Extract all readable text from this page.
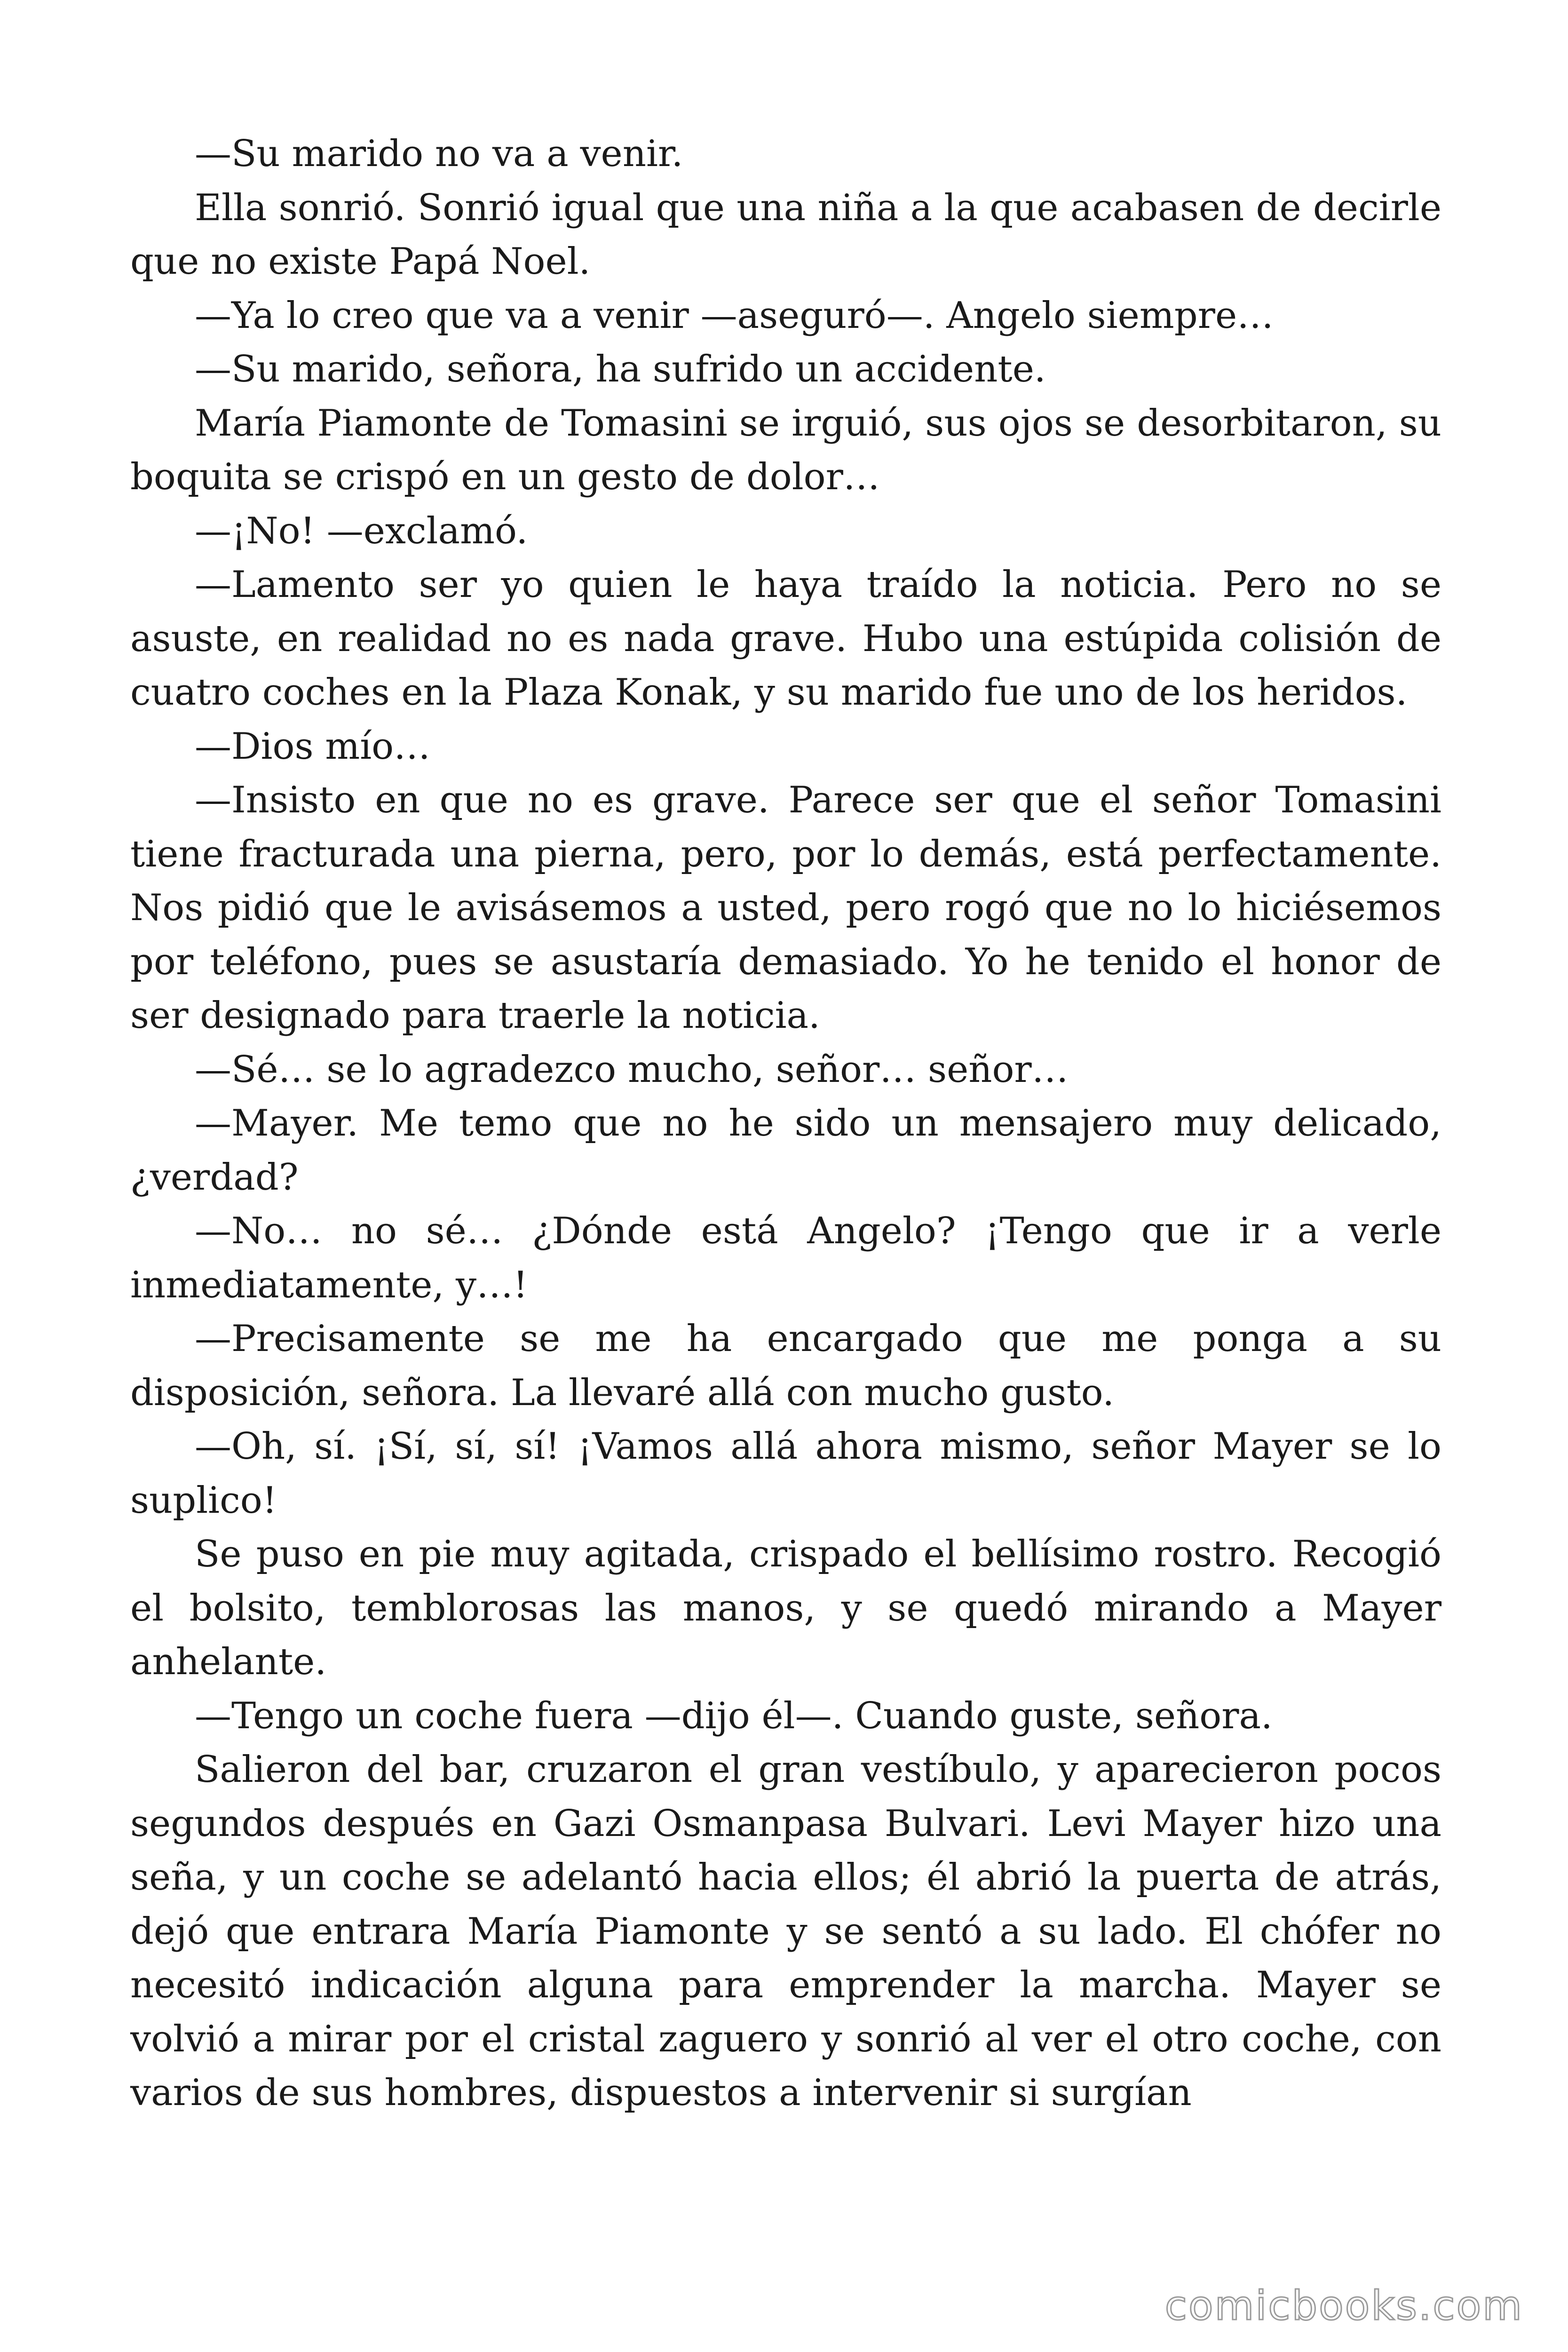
—Su marido no va a venir.

Ella sonrió. Sonrió igual que una niña a la que acabasen de decirle que no existe Papá Noel.

—Ya lo creo que va a venir —aseguró—. Angelo siempre…

—Su marido, señora, ha sufrido un accidente.

María Piamonte de Tomasini se irguió, sus ojos se desorbitaron, su boquita se crispó en un gesto de dolor…

—¡No! —exclamó.

—Lamento ser yo quien le haya traído la noticia. Pero no se asuste, en realidad no es nada grave. Hubo una estúpida colisión de cuatro coches en la Plaza Konak, y su marido fue uno de los heridos.

—Dios mío…

—Insisto en que no es grave. Parece ser que el señor Tomasini tiene fracturada una pierna, pero, por lo demás, está perfectamente. Nos pidió que le avisásemos a usted, pero rogó que no lo hiciésemos por teléfono, pues se asustaría demasiado. Yo he tenido el honor de ser designado para traerle la noticia.

—Sé… se lo agradezco mucho, señor… señor…

—Mayer. Me temo que no he sido un mensajero muy delicado, ¿verdad?

—No… no sé… ¿Dónde está Angelo? ¡Tengo que ir a verle inmediatamente, y…!

—Precisamente se me ha encargado que me ponga a su disposición, señora. La llevaré allá con mucho gusto.

—Oh, sí. ¡Sí, sí, sí! ¡Vamos allá ahora mismo, señor Mayer se lo suplico!

Se puso en pie muy agitada, crispado el bellísimo rostro. Recogió el bolsito, temblorosas las manos, y se quedó mirando a Mayer anhelante.

—Tengo un coche fuera —dijo él—. Cuando guste, señora.

Salieron del bar, cruzaron el gran vestíbulo, y aparecieron pocos segundos después en Gazi Osmanpasa Bulvari. Levi Mayer hizo una seña, y un coche se adelantó hacia ellos; él abrió la puerta de atrás, dejó que entrara María Piamonte y se sentó a su lado. El chófer no necesitó indicación alguna para emprender la marcha. Mayer se volvió a mirar por el cristal zaguero y sonrió al ver el otro coche, con varios de sus hombres, dispuestos a intervenir si surgían

comicbooks.com
